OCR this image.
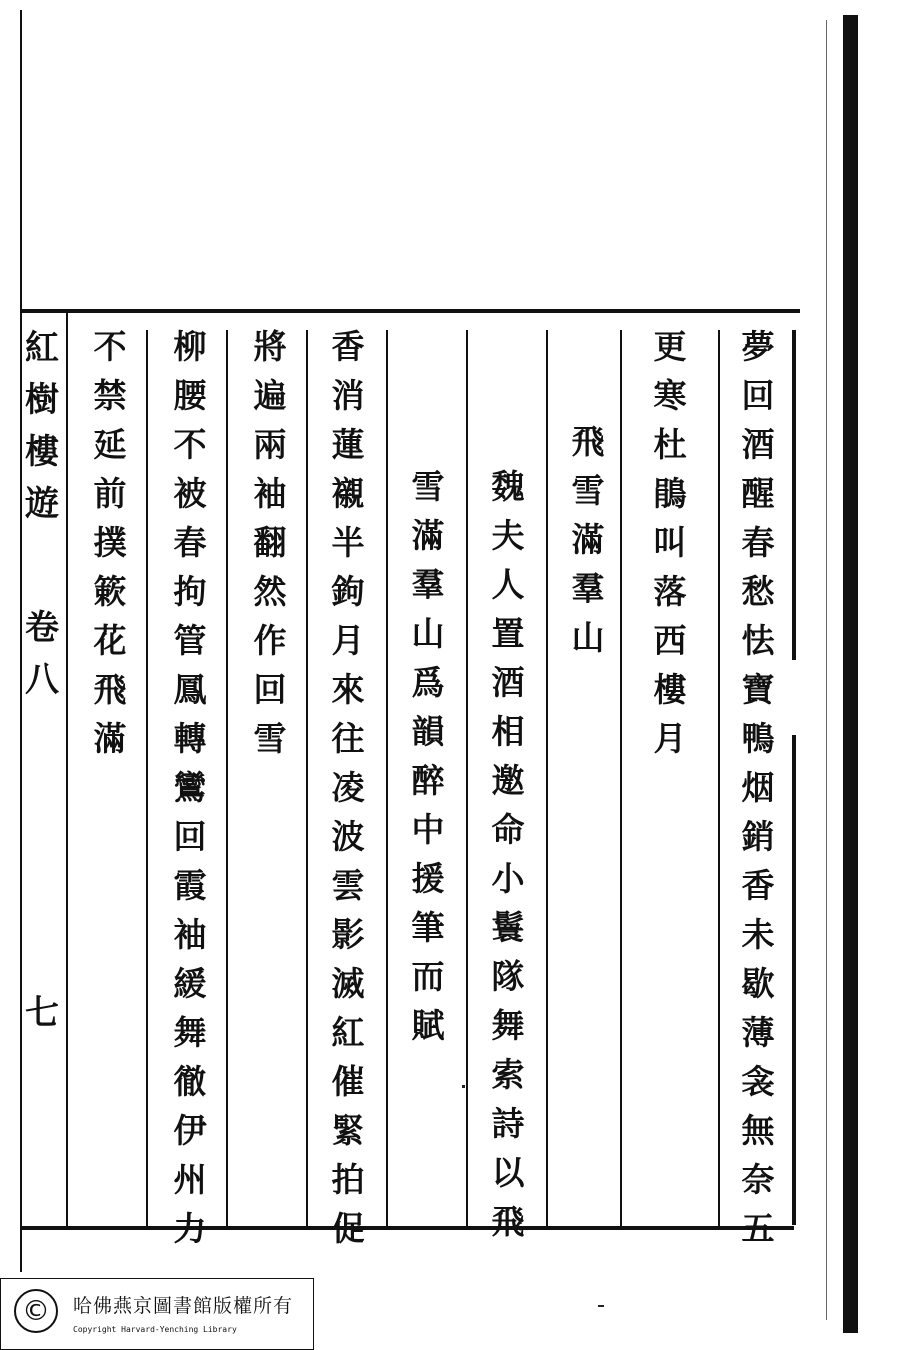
夢
回
酒
醒
春
愁
怯
寶
鴨
烟
銷
香
未
歇
薄
衾
無
奈
五
更
寒
杜
鵑
叫
落
西
樓
月
飛
雪
滿
羣
山
魏
夫
人
置
酒
相
邀
命
小
鬟
隊
舞
索
詩
以
飛
雪
滿
羣
山
爲
韻
醉
中
援
筆
而
賦
香
消
蓮
襯
半
鉤
月
來
往
凌
波
雲
影
滅
紅
催
緊
拍
促
將
遍
兩
袖
翻
然
作
回
雪
柳
腰
不
被
春
拘
管
鳳
轉
鸞
回
霞
袖
緩
舞
徹
伊
州
力
不
禁
延
前
撲
簌
花
飛
滿
紅
樹
樓
遊
卷
八
七
©	哈佛燕京圖書館版權所有
Copyright Harvard-Yenching Library
